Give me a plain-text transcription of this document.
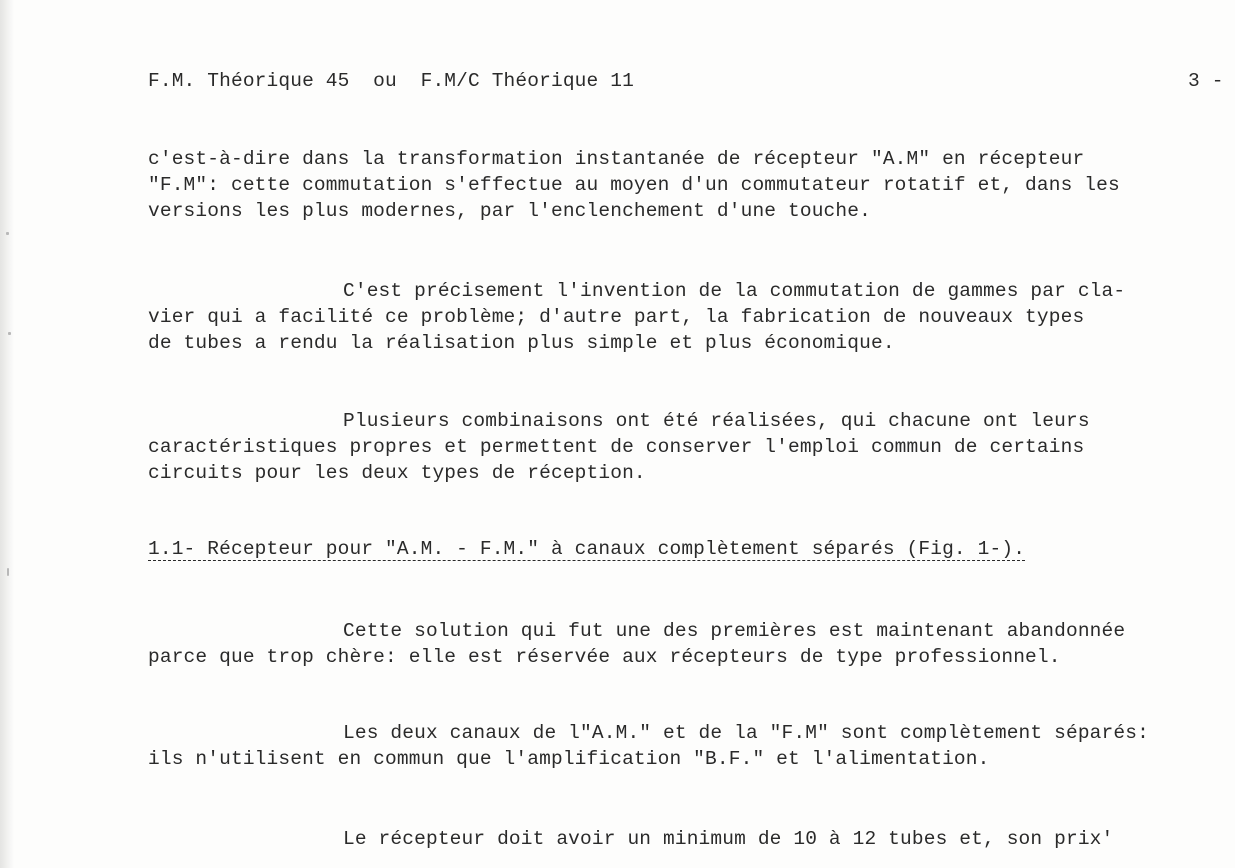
F.M. Théorique 45  ou  F.M/C Théorique 11	3 -
c'est-à-dire dans la transformation instantanée de récepteur "A.M" en récepteur
"F.M": cette commutation s'effectue au moyen d'un commutateur rotatif et, dans les
versions les plus modernes, par l'enclenchement d'une touche.
C'est précisement l'invention de la commutation de gammes par cla-
vier qui a facilité ce problème; d'autre part, la fabrication de nouveaux types
de tubes a rendu la réalisation plus simple et plus économique.
Plusieurs combinaisons ont été réalisées, qui chacune ont leurs
caractéristiques propres et permettent de conserver l'emploi commun de certains
circuits pour les deux types de réception.
1.1- Récepteur pour "A.M. - F.M." à canaux complètement séparés (Fig. 1-).
Cette solution qui fut une des premières est maintenant abandonnée
parce que trop chère: elle est réservée aux récepteurs de type professionnel.
Les deux canaux de l"A.M." et de la "F.M" sont complètement séparés:
ils n'utilisent en commun que l'amplification "B.F." et l'alimentation.
Le récepteur doit avoir un minimum de 10 à 12 tubes et, son prix'
